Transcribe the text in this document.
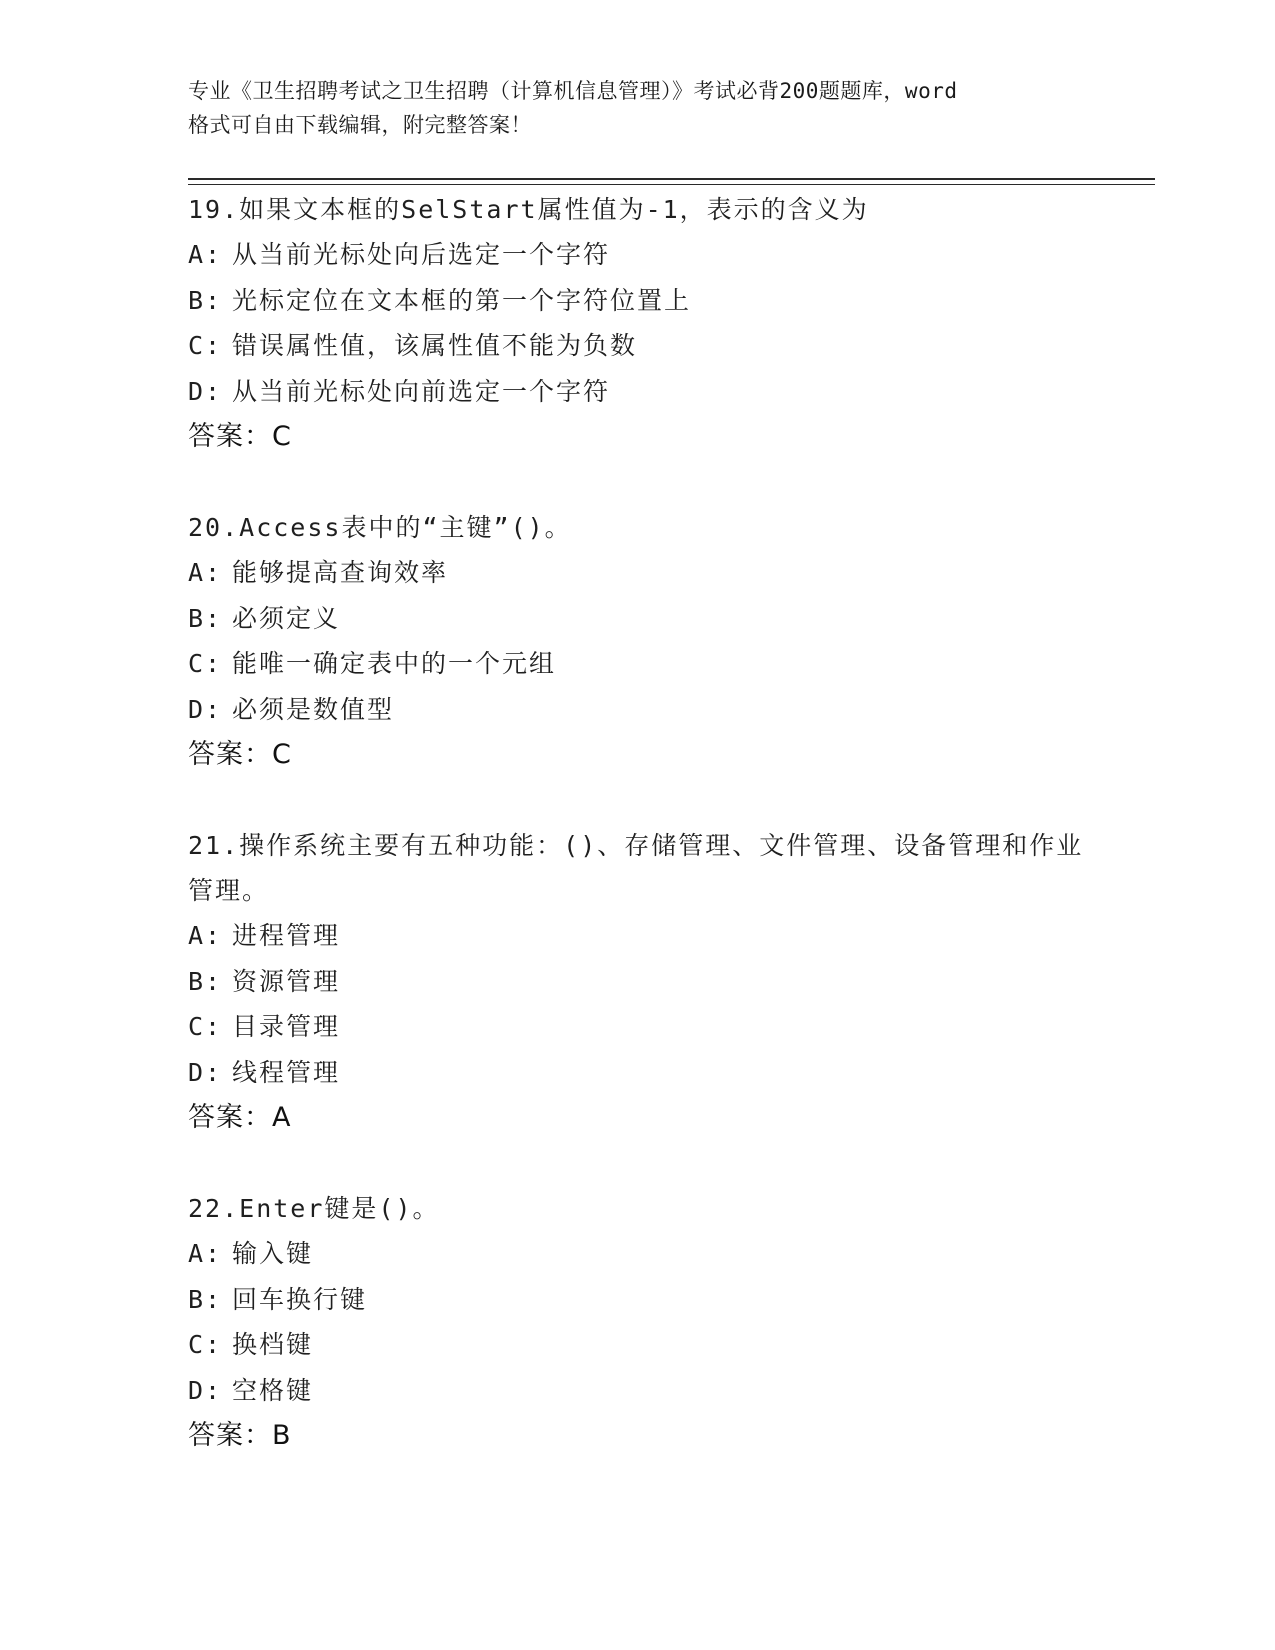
专业《卫生招聘考试之卫生招聘（计算机信息管理）》考试必背200题题库，word
格式可自由下载编辑，附完整答案！
19.如果文本框的SelStart属性值为-1，表示的含义为
A: 从当前光标处向后选定一个字符
B: 光标定位在文本框的第一个字符位置上
C: 错误属性值，该属性值不能为负数
D: 从当前光标处向前选定一个字符
答案：C
20.Access表中的“主键”()。
A: 能够提高查询效率
B: 必须定义
C: 能唯一确定表中的一个元组
D: 必须是数值型
答案：C
21.操作系统主要有五种功能：()、存储管理、文件管理、设备管理和作业管理。
A: 进程管理
B: 资源管理
C: 目录管理
D: 线程管理
答案：A
22.Enter键是()。
A: 输入键
B: 回车换行键
C: 换档键
D: 空格键
答案：B
